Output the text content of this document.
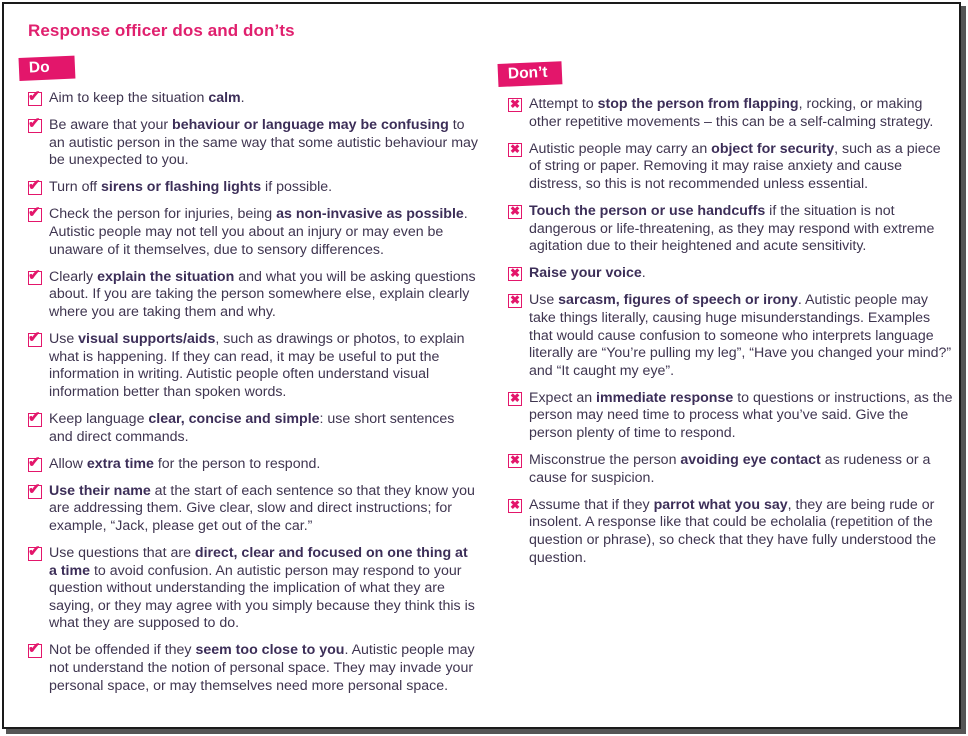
Response officer dos and don’ts
Do	Don’t
✔ Aim to keep the situation calm.
✔ Be aware that your behaviour or language may be confusing to an autistic person in the same way that some autistic behaviour may be unexpected to you.
✔ Turn off sirens or flashing lights if possible.
✔ Check the person for injuries, being as non-invasive as possible. Autistic people may not tell you about an injury or may even be unaware of it themselves, due to sensory differences.
✔ Clearly explain the situation and what you will be asking questions about. If you are taking the person somewhere else, explain clearly where you are taking them and why.
✔ Use visual supports/aids, such as drawings or photos, to explain what is happening. If they can read, it may be useful to put the information in writing. Autistic people often understand visual information better than spoken words.
✔ Keep language clear, concise and simple: use short sentences and direct commands.
✔ Allow extra time for the person to respond.
✔ Use their name at the start of each sentence so that they know you are addressing them. Give clear, slow and direct instructions; for example, “Jack, please get out of the car.”
✔ Use questions that are direct, clear and focused on one thing at a time to avoid confusion. An autistic person may respond to your question without understanding the implication of what they are saying, or they may agree with you simply because they think this is what they are supposed to do.
✔ Not be offended if they seem too close to you. Autistic people may not understand the notion of personal space. They may invade your personal space, or may themselves need more personal space.
✖ Attempt to stop the person from flapping, rocking, or making other repetitive movements – this can be a self-calming strategy.
✖ Autistic people may carry an object for security, such as a piece of string or paper. Removing it may raise anxiety and cause distress, so this is not recommended unless essential.
✖ Touch the person or use handcuffs if the situation is not dangerous or life-threatening, as they may respond with extreme agitation due to their heightened and acute sensitivity.
✖ Raise your voice.
✖ Use sarcasm, figures of speech or irony. Autistic people may take things literally, causing huge misunderstandings. Examples that would cause confusion to someone who interprets language literally are “You’re pulling my leg”, “Have you changed your mind?” and “It caught my eye”.
✖ Expect an immediate response to questions or instructions, as the person may need time to process what you’ve said. Give the person plenty of time to respond.
✖ Misconstrue the person avoiding eye contact as rudeness or a cause for suspicion.
✖ Assume that if they parrot what you say, they are being rude or insolent. A response like that could be echolalia (repetition of the question or phrase), so check that they have fully understood the question.
